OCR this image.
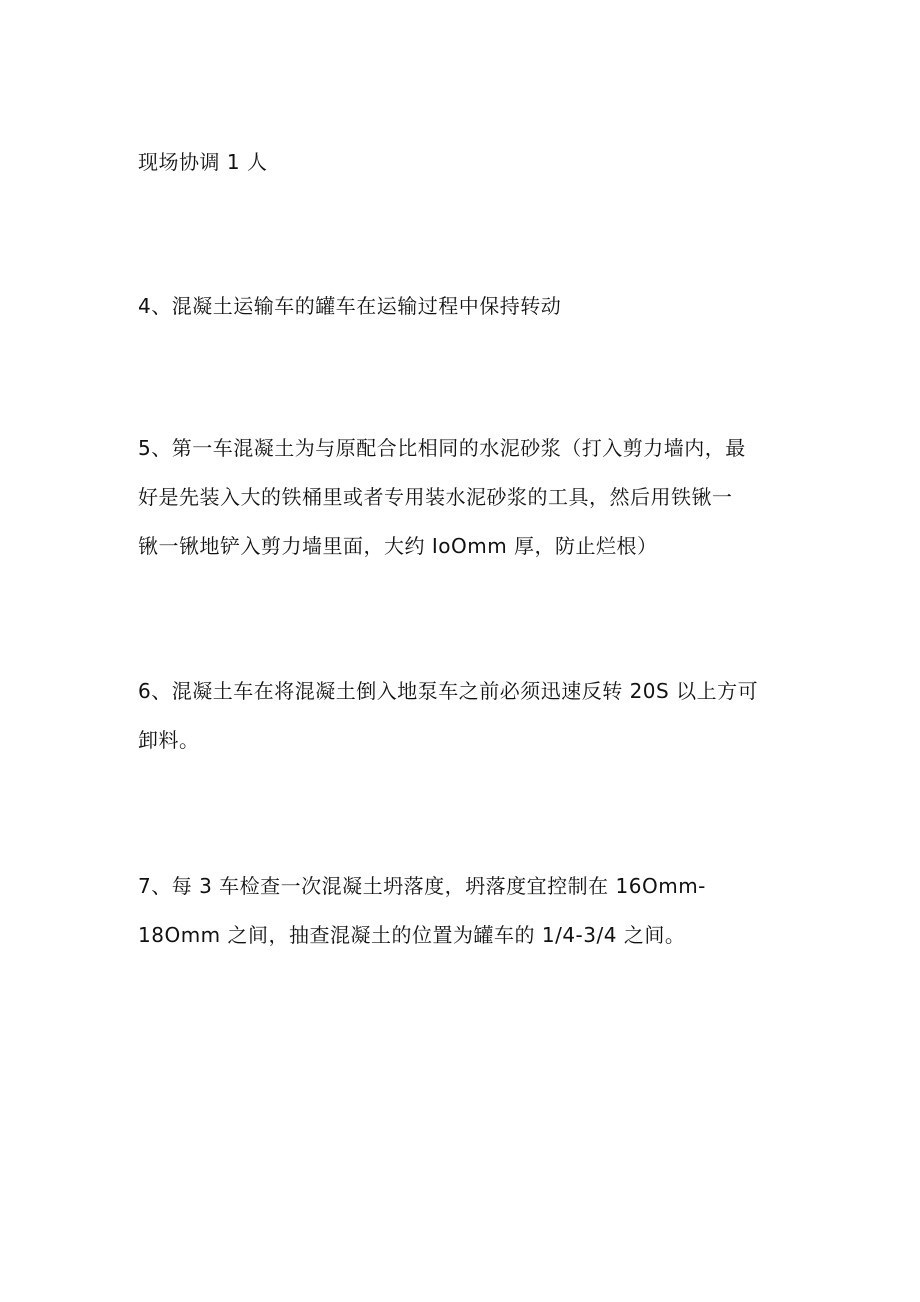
现场协调 1 人
4、混凝土运输车的罐车在运输过程中保持转动
5、第一车混凝土为与原配合比相同的水泥砂浆（打入剪力墙内，最
好是先装入大的铁桶里或者专用装水泥砂浆的工具，然后用铁锹一
锹一锹地铲入剪力墙里面，大约 IoOmm 厚，防止烂根）
6、混凝土车在将混凝土倒入地泵车之前必须迅速反转 20S 以上方可
卸料。
7、每 3 车检查一次混凝土坍落度，坍落度宜控制在 16Omm-
18Omm 之间，抽查混凝土的位置为罐车的 1/4-3/4 之间。
